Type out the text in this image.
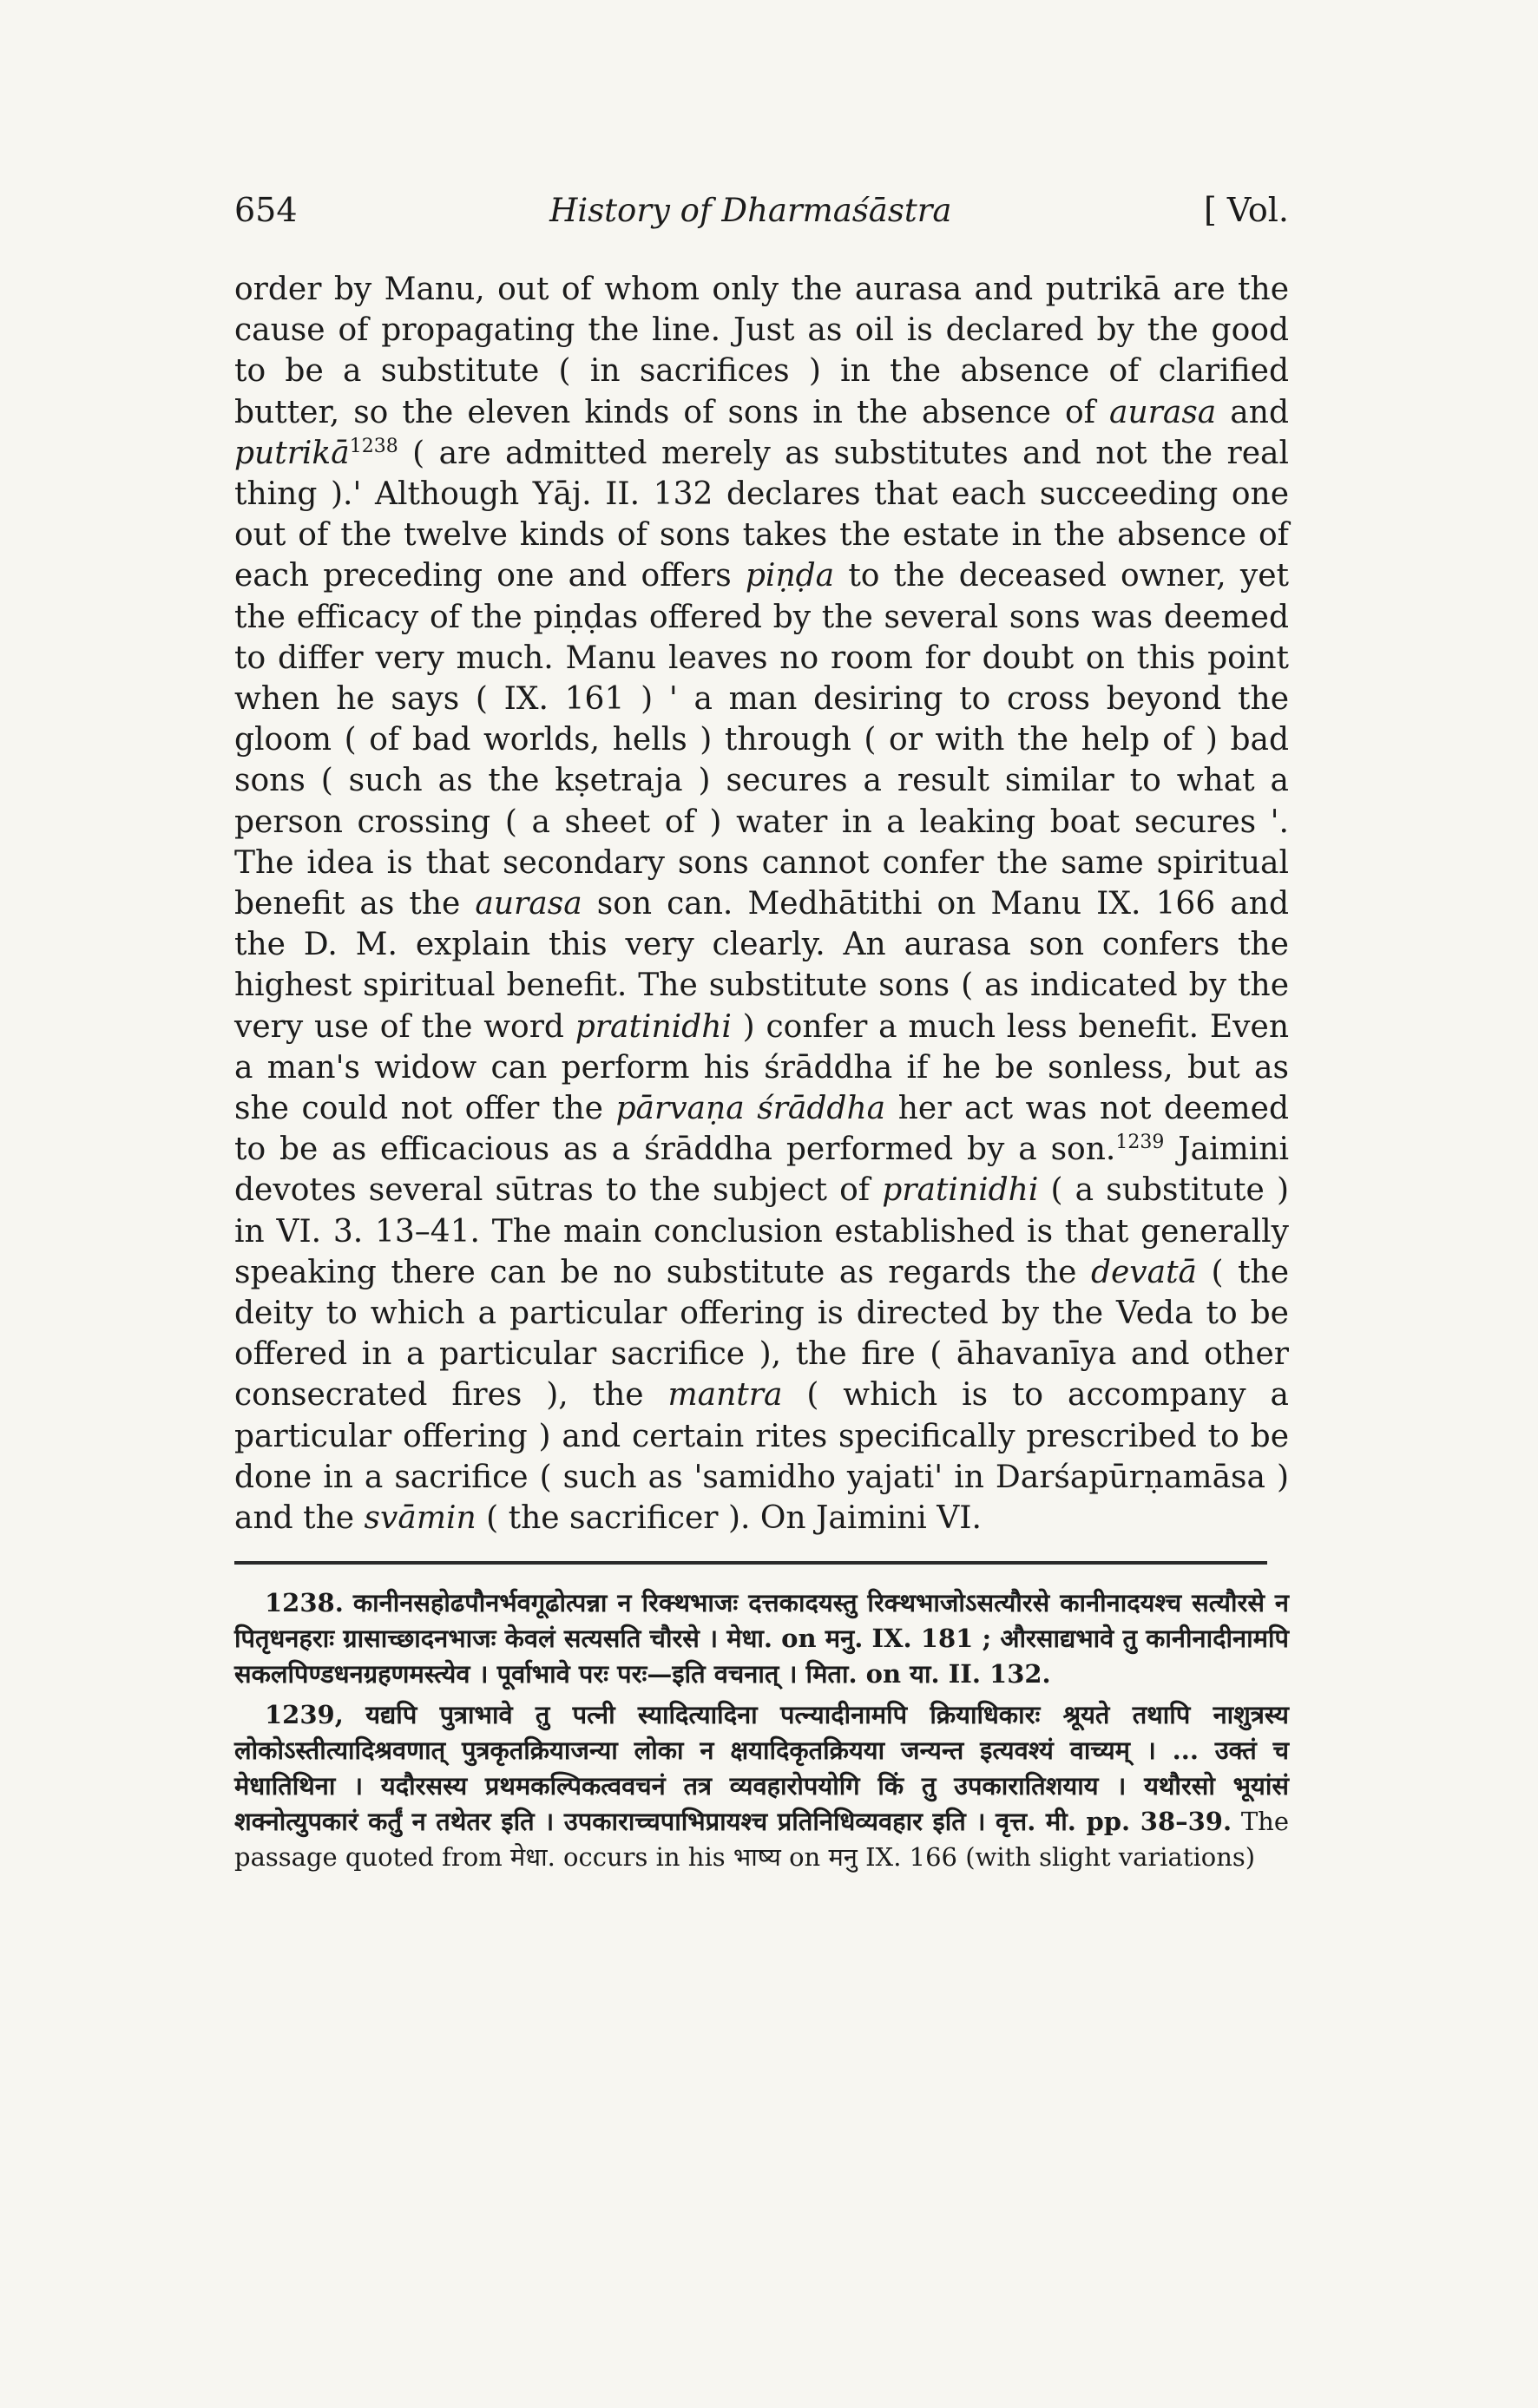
654	History of Dharmaśāstra	[ Vol.

order by Manu, out of whom only the aurasa and putrikā are the cause of propagating the line. Just as oil is declared by the good to be a substitute ( in sacrifices ) in the absence of clarified butter, so the eleven kinds of sons in the absence of aurasa and putrikā$^{1238}$ ( are admitted merely as substitutes and not the real thing ).' Although Yāj. II. 132 declares that each succeeding one out of the twelve kinds of sons takes the estate in the absence of each preceding one and offers piṇḍa to the deceased owner, yet the efficacy of the piṇḍas offered by the several sons was deemed to differ very much. Manu leaves no room for doubt on this point when he says ( IX. 161 ) ' a man desiring to cross beyond the gloom ( of bad worlds, hells ) through ( or with the help of ) bad sons ( such as the kṣetraja ) secures a result similar to what a person crossing ( a sheet of ) water in a leaking boat secures '. The idea is that secondary sons cannot confer the same spiritual benefit as the aurasa son can. Medhātithi on Manu IX. 166 and the D. M. explain this very clearly. An aurasa son confers the highest spiritual benefit. The substitute sons ( as indicated by the very use of the word pratinidhi ) confer a much less benefit. Even a man's widow can perform his śrāddha if he be sonless, but as she could not offer the pārvaṇa śrāddha her act was not deemed to be as efficacious as a śrāddha performed by a son.$^{1239}$ Jaimini devotes several sūtras to the subject of pratinidhi ( a substitute ) in VI. 3. 13–41. The main conclusion established is that generally speaking there can be no substitute as regards the devatā ( the deity to which a particular offering is directed by the Veda to be offered in a particular sacrifice ), the fire ( āhavanīya and other consecrated fires ), the mantra ( which is to accompany a particular offering ) and certain rites specifically prescribed to be done in a sacrifice ( such as 'samidho yajati' in Darśapūrṇamāsa ) and the svāmin ( the sacrificer ). On Jaimini VI.

1238. कानीनसहोढपौनर्भवगूढोत्पन्ना न रिक्थभाजः दत्तकादयस्तु रिक्थभाजोऽसत्यौरसे कानीनादयश्च सत्यौरसे न पितृधनहराः ग्रासाच्छादनभाजः केवलं सत्यसति चौरसे । मेधा. on मनु. IX. 181 ; औरसाद्यभावे तु कानीनादीनामपि सकलपिण्डधनग्रहणमस्त्येव । पूर्वाभावे परः परः—इति वचनात् । मिता. on या. II. 132.

1239, यद्यपि पुत्राभावे तु पत्नी स्यादित्यादिना पत्न्यादीनामपि क्रियाधिकारः श्रूयते तथापि नाशुत्रस्य लोकोऽस्तीत्यादिश्रवणात् पुत्रकृतक्रियाजन्या लोका न क्षयादिकृतक्रियया जन्यन्त इत्यवश्यं वाच्यम् । ... उक्तं च मेधातिथिना । यदौरसस्य प्रथमकल्पिकत्ववचनं तत्र व्यवहारोपयोगि किं तु उपकारातिशयाय । यथौरसो भूयांसं शक्नोत्युपकारं कर्तुं न तथेतर इति । उपकाराच्चपाभिप्रायश्च प्रतिनिधिव्यवहार इति । वृत्त. मी. pp. 38–39. The passage quoted from मेधा. occurs in his भाष्य on मनु IX. 166 (with slight variations)
